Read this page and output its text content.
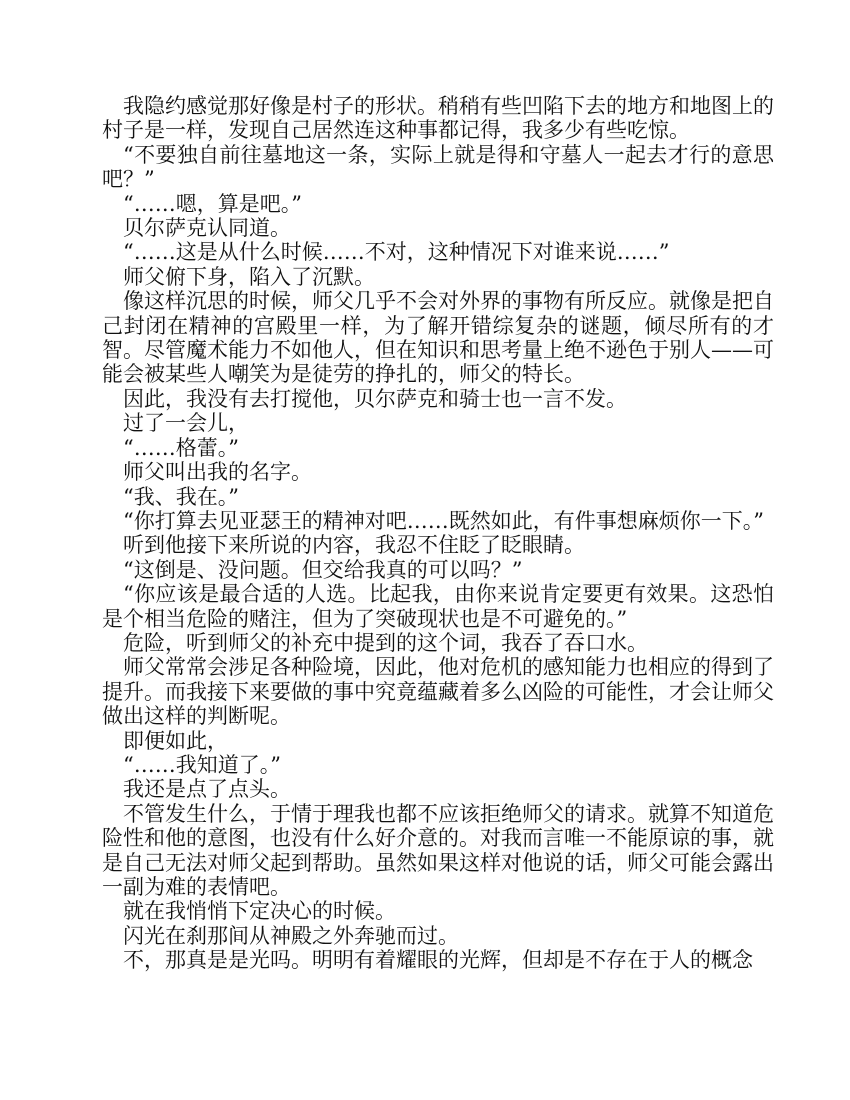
我隐约感觉那好像是村子的形状。稍稍有些凹陷下去的地方和地图上的村子是一样，发现自己居然连这种事都记得，我多少有些吃惊。

“不要独自前往墓地这一条，实际上就是得和守墓人一起去才行的意思吧？”

“……嗯，算是吧。”

贝尔萨克认同道。

“……这是从什么时候……不对，这种情况下对谁来说……”

师父俯下身，陷入了沉默。

像这样沉思的时候，师父几乎不会对外界的事物有所反应。就像是把自己封闭在精神的宫殿里一样，为了解开错综复杂的谜题，倾尽所有的才智。尽管魔术能力不如他人，但在知识和思考量上绝不逊色于别人——可能会被某些人嘲笑为是徒劳的挣扎的，师父的特长。

因此，我没有去打搅他，贝尔萨克和骑士也一言不发。

过了一会儿，

“……格蕾。”

师父叫出我的名字。

“我、我在。”

“你打算去见亚瑟王的精神对吧……既然如此，有件事想麻烦你一下。”

听到他接下来所说的内容，我忍不住眨了眨眼睛。

“这倒是、没问题。但交给我真的可以吗？”

“你应该是最合适的人选。比起我，由你来说肯定要更有效果。这恐怕是个相当危险的赌注，但为了突破现状也是不可避免的。”

危险，听到师父的补充中提到的这个词，我吞了吞口水。

师父常常会涉足各种险境，因此，他对危机的感知能力也相应的得到了提升。而我接下来要做的事中究竟蕴藏着多么凶险的可能性，才会让师父做出这样的判断呢。

即便如此，

“……我知道了。”

我还是点了点头。

不管发生什么，于情于理我也都不应该拒绝师父的请求。就算不知道危险性和他的意图，也没有什么好介意的。对我而言唯一不能原谅的事，就是自己无法对师父起到帮助。虽然如果这样对他说的话，师父可能会露出一副为难的表情吧。

就在我悄悄下定决心的时候。

闪光在刹那间从神殿之外奔驰而过。

不，那真是是光吗。明明有着耀眼的光辉，但却是不存在于人的概念
